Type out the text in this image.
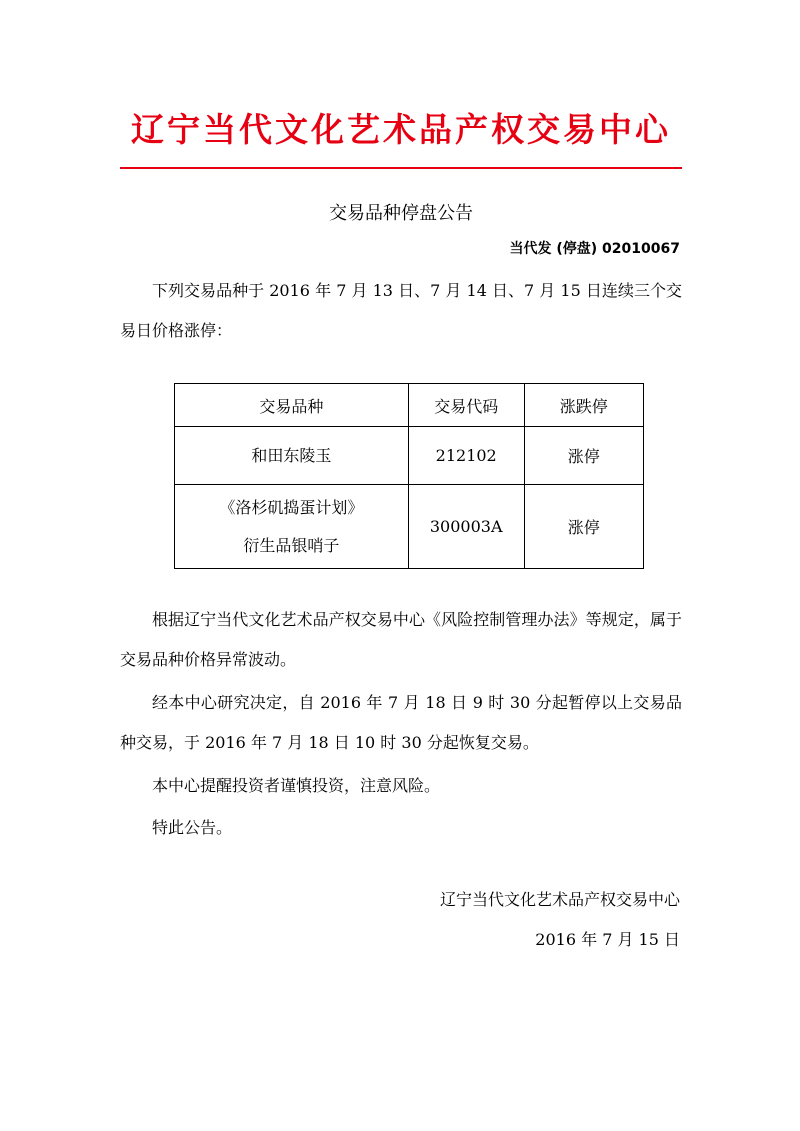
辽宁当代文化艺术品产权交易中心
交易品种停盘公告
当代发 (停盘) 02010067
下列交易品种于 2016 年 7 月 13 日、7 月 14 日、7 月 15 日连续三个交易日价格涨停：
交易品种	交易代码	涨跌停

和田东陵玉	212102	涨停

《洛杉矶捣蛋计划》
衍生品银哨子	300003A	涨停
根据辽宁当代文化艺术品产权交易中心《风险控制管理办法》等规定，属于交易品种价格异常波动。
经本中心研究决定，自 2016 年 7 月 18 日 9 时 30 分起暂停以上交易品种交易，于 2016 年 7 月 18 日 10 时 30 分起恢复交易。
本中心提醒投资者谨慎投资，注意风险。
特此公告。
辽宁当代文化艺术品产权交易中心
2016 年 7 月 15 日
